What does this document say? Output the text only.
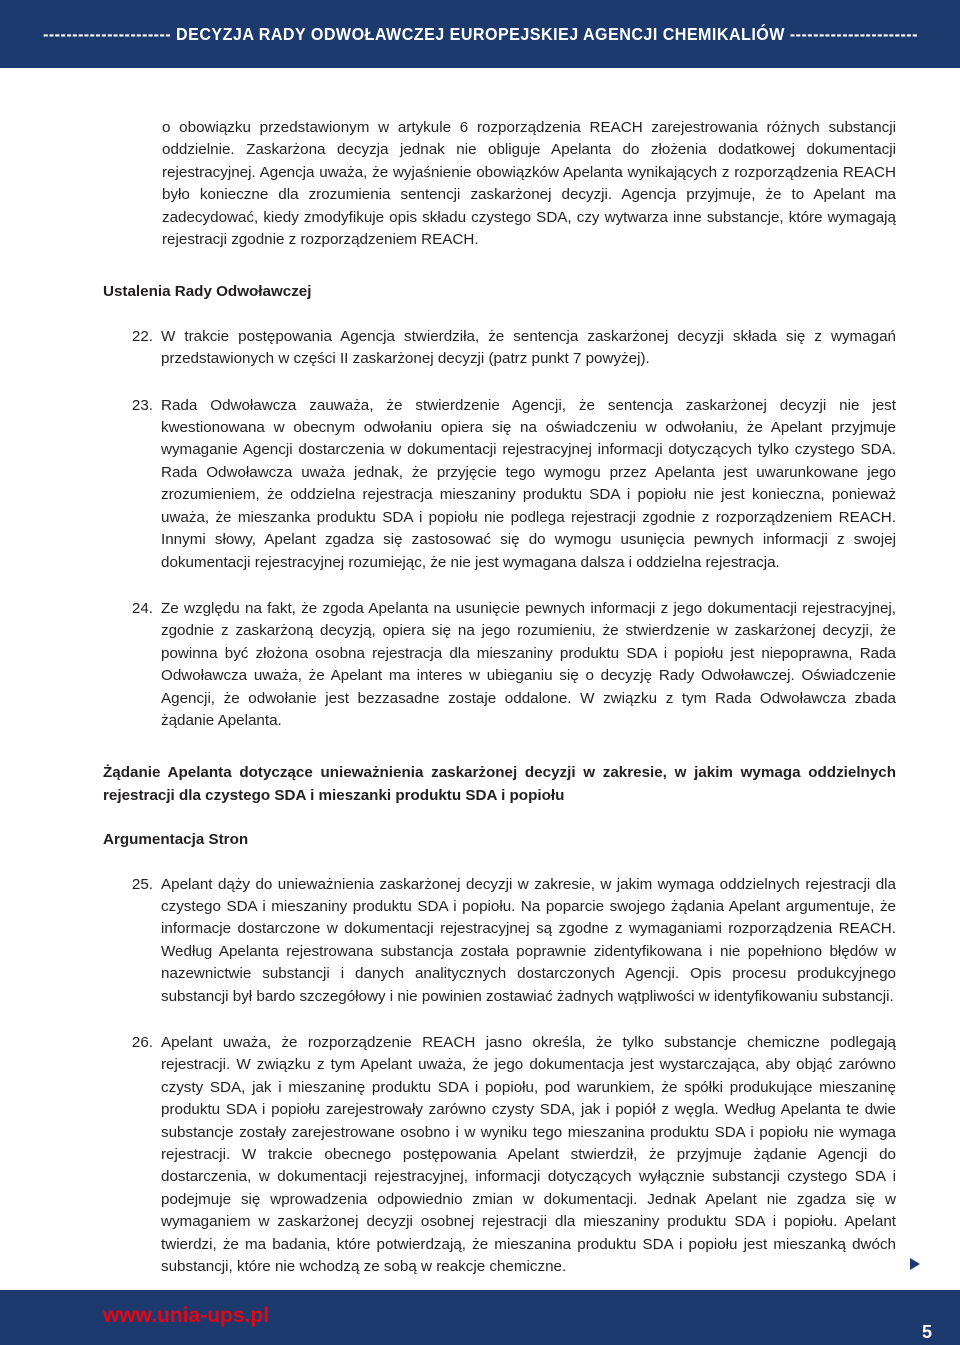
---------------------- DECYZJA RADY ODWOŁAWCZEJ EUROPEJSKIEJ AGENCJI CHEMIKALIÓW ----------------------

o obowiązku przedstawionym w artykule 6 rozporządzenia REACH zarejestrowania różnych substancji oddzielnie. Zaskarżona decyzja jednak nie obliguje Apelanta do złożenia dodatkowej dokumentacji rejestracyjnej. Agencja uważa, że wyjaśnienie obowiązków Apelanta wynikających z rozporządzenia REACH było konieczne dla zrozumienia sentencji zaskarżonej decyzji. Agencja przyjmuje, że to Apelant ma zadecydować, kiedy zmodyfikuje opis składu czystego SDA, czy wytwarza inne substancje, które wymagają rejestracji zgodnie z rozporządzeniem REACH.

Ustalenia Rady Odwoławczej

22. W trakcie postępowania Agencja stwierdziła, że sentencja zaskarżonej decyzji składa się z wymagań przedstawionych w części II zaskarżonej decyzji (patrz punkt 7 powyżej).
23. Rada Odwoławcza zauważa, że stwierdzenie Agencji, że sentencja zaskarżonej decyzji nie jest kwestionowana w obecnym odwołaniu opiera się na oświadczeniu w odwołaniu, że Apelant przyjmuje wymaganie Agencji dostarczenia w dokumentacji rejestracyjnej informacji dotyczących tylko czystego SDA. Rada Odwoławcza uważa jednak, że przyjęcie tego wymogu przez Apelanta jest uwarunkowane jego zrozumieniem, że oddzielna rejestracja mieszaniny produktu SDA i popiołu nie jest konieczna, ponieważ uważa, że mieszanka produktu SDA i popiołu nie podlega rejestracji zgodnie z rozporządzeniem REACH. Innymi słowy, Apelant zgadza się zastosować się do wymogu usunięcia pewnych informacji z swojej dokumentacji rejestracyjnej rozumiejąc, że nie jest wymagana dalsza i oddzielna rejestracja.
24. Ze względu na fakt, że zgoda Apelanta na usunięcie pewnych informacji z jego dokumentacji rejestracyjnej, zgodnie z zaskarżoną decyzją, opiera się na jego rozumieniu, że stwierdzenie w zaskarżonej decyzji, że powinna być złożona osobna rejestracja dla mieszaniny produktu SDA i popiołu jest niepoprawna, Rada Odwoławcza uważa, że Apelant ma interes w ubieganiu się o decyzję Rady Odwoławczej. Oświadczenie Agencji, że odwołanie jest bezzasadne zostaje oddalone. W związku z tym Rada Odwoławcza zbada żądanie Apelanta.

Żądanie Apelanta dotyczące unieważnienia zaskarżonej decyzji w zakresie, w jakim wymaga oddzielnych rejestracji dla czystego SDA i mieszanki produktu SDA i popiołu

Argumentacja Stron

25. Apelant dąży do unieważnienia zaskarżonej decyzji w zakresie, w jakim wymaga oddzielnych rejestracji dla czystego SDA i mieszaniny produktu SDA i popiołu. Na poparcie swojego żądania Apelant argumentuje, że informacje dostarczone w dokumentacji rejestracyjnej są zgodne z wymaganiami rozporządzenia REACH. Według Apelanta rejestrowana substancja została poprawnie zidentyfikowana i nie popełniono błędów w nazewnictwie substancji i danych analitycznych dostarczonych Agencji. Opis procesu produkcyjnego substancji był bardo szczegółowy i nie powinien zostawiać żadnych wątpliwości w identyfikowaniu substancji.
26. Apelant uważa, że rozporządzenie REACH jasno określa, że tylko substancje chemiczne podlegają rejestracji. W związku z tym Apelant uważa, że jego dokumentacja jest wystarczająca, aby objąć zarówno czysty SDA, jak i mieszaninę produktu SDA i popiołu, pod warunkiem, że spółki produkujące mieszaninę produktu SDA i popiołu zarejestrowały zarówno czysty SDA, jak i popiół z węgla. Według Apelanta te dwie substancje zostały zarejestrowane osobno i w wyniku tego mieszanina produktu SDA i popiołu nie wymaga rejestracji. W trakcie obecnego postępowania Apelant stwierdził, że przyjmuje żądanie Agencji do dostarczenia, w dokumentacji rejestracyjnej, informacji dotyczących wyłącznie substancji czystego SDA i podejmuje się wprowadzenia odpowiednio zmian w dokumentacji. Jednak Apelant nie zgadza się w wymaganiem w zaskarżonej decyzji osobnej rejestracji dla mieszaniny produktu SDA i popiołu. Apelant twierdzi, że ma badania, które potwierdzają, że mieszanina produktu SDA i popiołu jest mieszanką dwóch substancji, które nie wchodzą ze sobą w reakcje chemiczne.
www.unia-ups.pl
5
